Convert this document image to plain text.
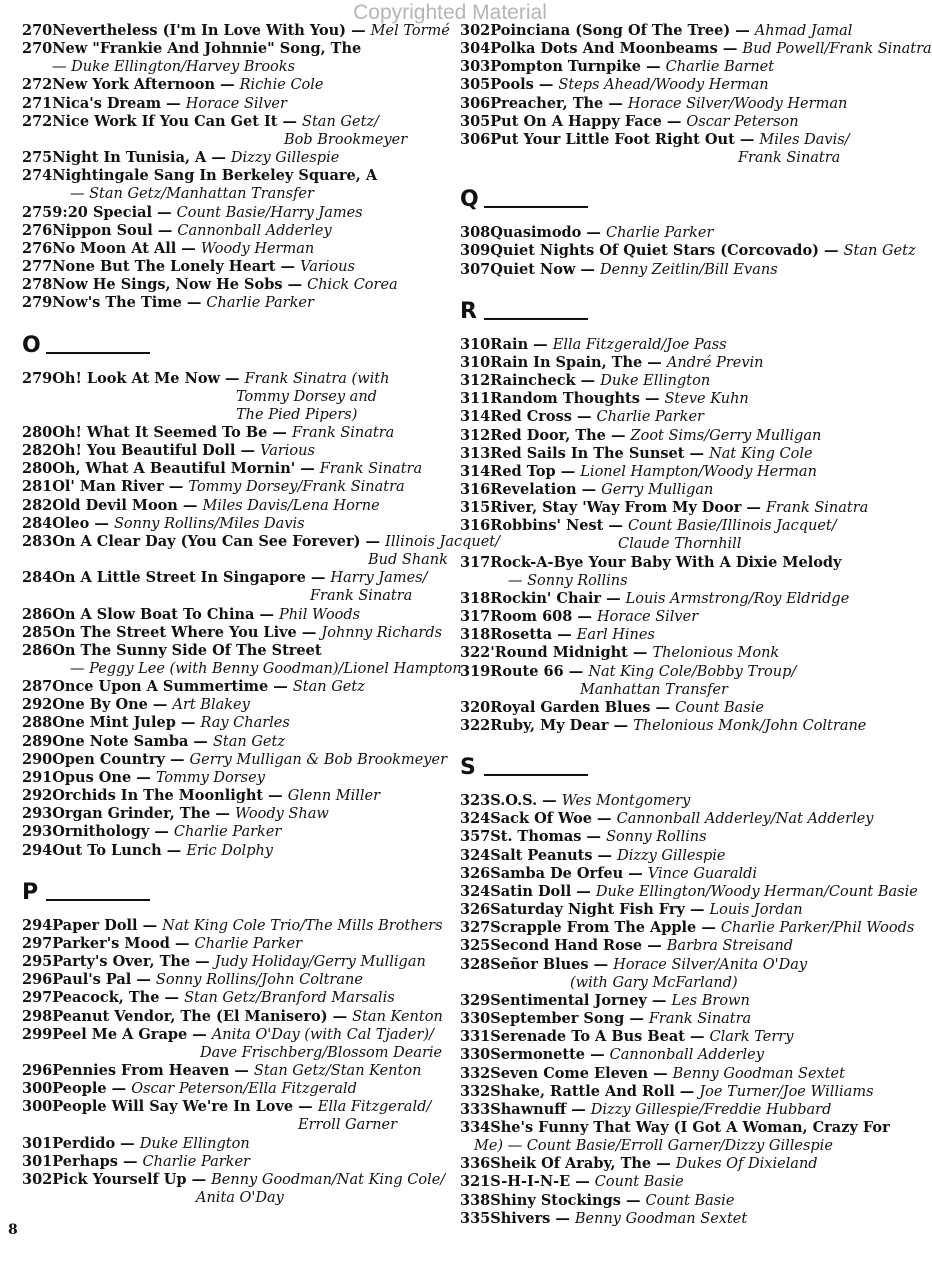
Copyrighted Material
270Nevertheless (I'm In Love With You) — Mel Tormé
270New "Frankie And Johnnie" Song, The
— Duke Ellington/Harvey Brooks
272New York Afternoon — Richie Cole
271Nica's Dream — Horace Silver
272Nice Work If You Can Get It — Stan Getz/
Bob Brookmeyer
275Night In Tunisia, A — Dizzy Gillespie
274Nightingale Sang In Berkeley Square, A
— Stan Getz/Manhattan Transfer
2759:20 Special — Count Basie/Harry James
276Nippon Soul — Cannonball Adderley
276No Moon At All — Woody Herman
277None But The Lonely Heart — Various
278Now He Sings, Now He Sobs — Chick Corea
279Now's The Time — Charlie Parker
O
279Oh! Look At Me Now — Frank Sinatra (with
Tommy Dorsey and
The Pied Pipers)
280Oh! What It Seemed To Be — Frank Sinatra
282Oh! You Beautiful Doll — Various
280Oh, What A Beautiful Mornin' — Frank Sinatra
281Ol' Man River — Tommy Dorsey/Frank Sinatra
282Old Devil Moon — Miles Davis/Lena Horne
284Oleo — Sonny Rollins/Miles Davis
283On A Clear Day (You Can See Forever) — Illinois Jacquet/
Bud Shank
284On A Little Street In Singapore — Harry James/
Frank Sinatra
286On A Slow Boat To China — Phil Woods
285On The Street Where You Live — Johnny Richards
286On The Sunny Side Of The Street
— Peggy Lee (with Benny Goodman)/Lionel Hampton
287Once Upon A Summertime — Stan Getz
292One By One — Art Blakey
288One Mint Julep — Ray Charles
289One Note Samba — Stan Getz
290Open Country — Gerry Mulligan & Bob Brookmeyer
291Opus One — Tommy Dorsey
292Orchids In The Moonlight — Glenn Miller
293Organ Grinder, The — Woody Shaw
293Ornithology — Charlie Parker
294Out To Lunch — Eric Dolphy
P
294Paper Doll — Nat King Cole Trio/The Mills Brothers
297Parker's Mood — Charlie Parker
295Party's Over, The — Judy Holiday/Gerry Mulligan
296Paul's Pal — Sonny Rollins/John Coltrane
297Peacock, The — Stan Getz/Branford Marsalis
298Peanut Vendor, The (El Manisero) — Stan Kenton
299Peel Me A Grape — Anita O'Day (with Cal Tjader)/
Dave Frischberg/Blossom Dearie
296Pennies From Heaven — Stan Getz/Stan Kenton
300People — Oscar Peterson/Ella Fitzgerald
300People Will Say We're In Love — Ella Fitzgerald/
Erroll Garner
301Perdido — Duke Ellington
301Perhaps — Charlie Parker
302Pick Yourself Up — Benny Goodman/Nat King Cole/
Anita O'Day
302Poinciana (Song Of The Tree) — Ahmad Jamal
304Polka Dots And Moonbeams — Bud Powell/Frank Sinatra
303Pompton Turnpike — Charlie Barnet
305Pools — Steps Ahead/Woody Herman
306Preacher, The — Horace Silver/Woody Herman
305Put On A Happy Face — Oscar Peterson
306Put Your Little Foot Right Out — Miles Davis/
Frank Sinatra
Q
308Quasimodo — Charlie Parker
309Quiet Nights Of Quiet Stars (Corcovado) — Stan Getz
307Quiet Now — Denny Zeitlin/Bill Evans
R
310Rain — Ella Fitzgerald/Joe Pass
310Rain In Spain, The — André Previn
312Raincheck — Duke Ellington
311Random Thoughts — Steve Kuhn
314Red Cross — Charlie Parker
312Red Door, The — Zoot Sims/Gerry Mulligan
313Red Sails In The Sunset — Nat King Cole
314Red Top — Lionel Hampton/Woody Herman
316Revelation — Gerry Mulligan
315River, Stay 'Way From My Door — Frank Sinatra
316Robbins' Nest — Count Basie/Illinois Jacquet/
Claude Thornhill
317Rock-A-Bye Your Baby With A Dixie Melody
— Sonny Rollins
318Rockin' Chair — Louis Armstrong/Roy Eldridge
317Room 608 — Horace Silver
318Rosetta — Earl Hines
322'Round Midnight — Thelonious Monk
319Route 66 — Nat King Cole/Bobby Troup/
Manhattan Transfer
320Royal Garden Blues — Count Basie
322Ruby, My Dear — Thelonious Monk/John Coltrane
S
323S.O.S. — Wes Montgomery
324Sack Of Woe — Cannonball Adderley/Nat Adderley
357St. Thomas — Sonny Rollins
324Salt Peanuts — Dizzy Gillespie
326Samba De Orfeu — Vince Guaraldi
324Satin Doll — Duke Ellington/Woody Herman/Count Basie
326Saturday Night Fish Fry — Louis Jordan
327Scrapple From The Apple — Charlie Parker/Phil Woods
325Second Hand Rose — Barbra Streisand
328Señor Blues — Horace Silver/Anita O'Day
(with Gary McFarland)
329Sentimental Jorney — Les Brown
330September Song — Frank Sinatra
331Serenade To A Bus Beat — Clark Terry
330Sermonette — Cannonball Adderley
332Seven Come Eleven — Benny Goodman Sextet
332Shake, Rattle And Roll — Joe Turner/Joe Williams
333Shawnuff — Dizzy Gillespie/Freddie Hubbard
334She's Funny That Way (I Got A Woman, Crazy For
Me) — Count Basie/Erroll Garner/Dizzy Gillespie
336Sheik Of Araby, The — Dukes Of Dixieland
321S-H-I-N-E — Count Basie
338Shiny Stockings — Count Basie
335Shivers — Benny Goodman Sextet
8
